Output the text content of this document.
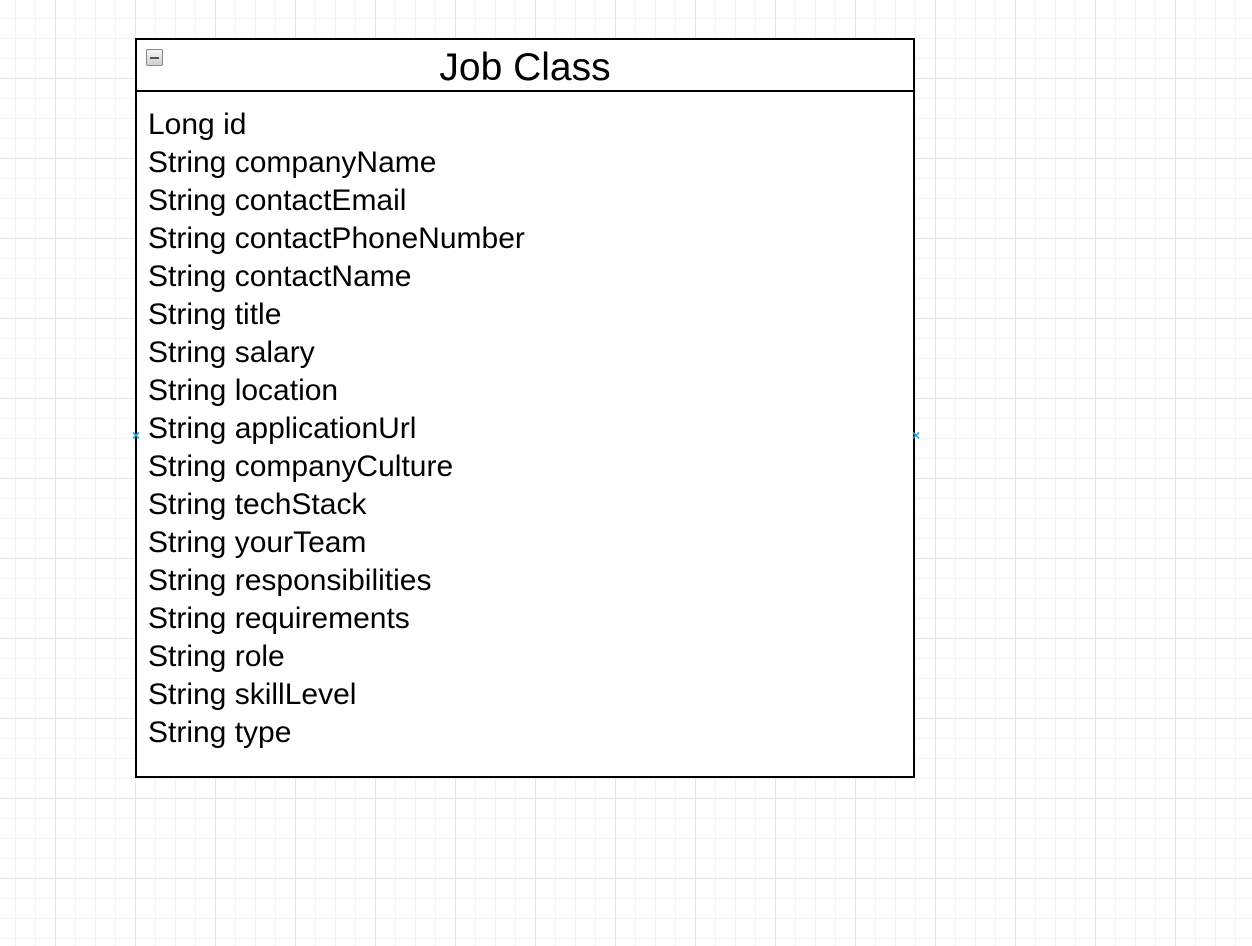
Job Class
Long id
String companyName
String contactEmail
String contactPhoneNumber
String contactName
String title
String salary
String location
String applicationUrl
String companyCulture
String techStack
String yourTeam
String responsibilities
String requirements
String role
String skillLevel
String type
×	×
